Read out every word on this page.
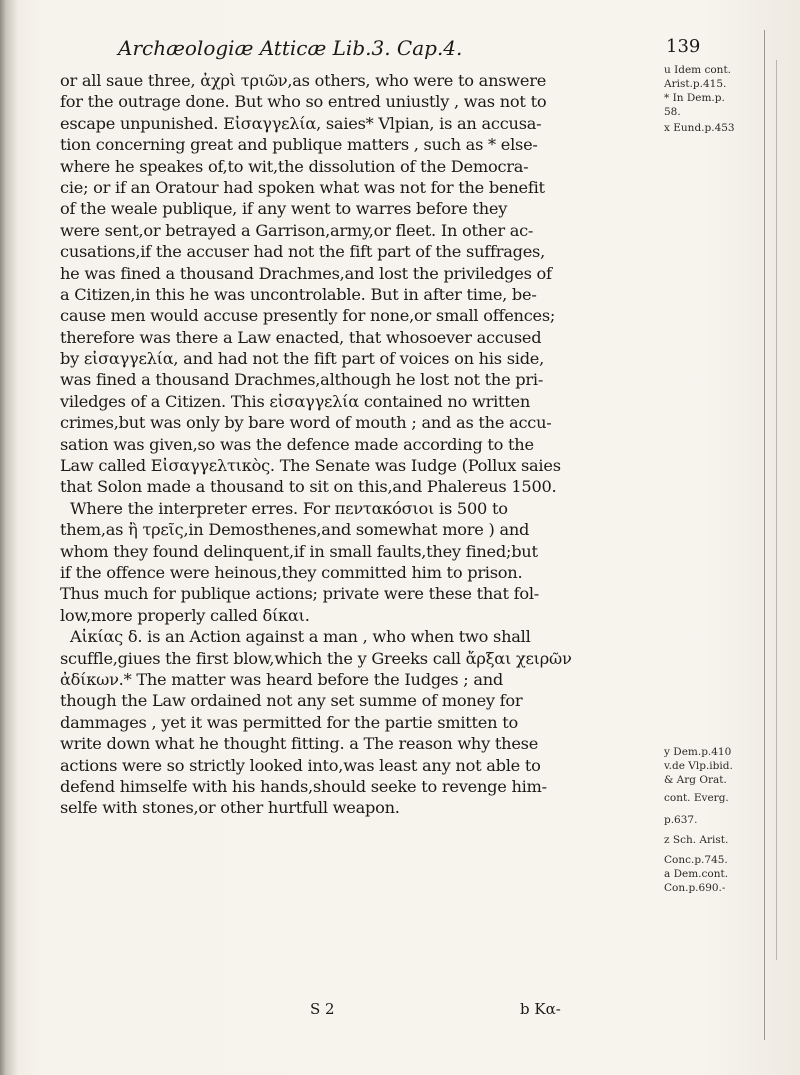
Archæologiæ Atticæ Lib.3. Cap.4.	139
or all saue three, ἀχρὶ τριῶν,as others, who were to answere
for the outrage done. But who so entred uniustly , was not to
escape unpunished. Εἰσαγγελία, saies* Vlpian, is an accusa-
tion concerning great and publique matters , such as * else-
where he speakes of,to wit,the dissolution of the Democra-
cie; or if an Oratour had spoken what was not for the benefit
of the weale publique, if any went to warres before they
were sent,or betrayed a Garrison,army,or fleet. In other ac-
cusations,if the accuser had not the fift part of the suffrages,
he was fined a thousand Drachmes,and lost the priviledges of
a Citizen,in this he was uncontrolable. But in after time, be-
cause men would accuse presently for none,or small offences;
therefore was there a Law enacted, that whosoever accused
by εἰσαγγελία, and had not the fift part of voices on his side,
was fined a thousand Drachmes,although he lost not the pri-
viledges of a Citizen. This εἰσαγγελία contained no written
crimes,but was only by bare word of mouth ; and as the accu-
sation was given,so was the defence made according to the
Law called Εἰσαγγελτικὸς. The Senate was Iudge (Pollux saies
that Solon made a thousand to sit on this,and Phalereus 1500.
Where the interpreter erres. For πεντακόσιοι is 500 to
them,as ἢ τρεῖς,in Demosthenes,and somewhat more ) and
whom they found delinquent,if in small faults,they fined;but
if the offence were heinous,they committed him to prison.
Thus much for publique actions; private were these that fol-
low,more properly called δίκαι.
Αἰκίας δ. is an Action against a man , who when two shall
scuffle,giues the first blow,which the y Greeks call ἄρξαι χειρῶν
ἀδίκων.* The matter was heard before the Iudges ; and
though the Law ordained not any set summe of money for
dammages , yet it was permitted for the partie smitten to
write down what he thought fitting. a The reason why these
actions were so strictly looked into,was least any not able to
defend himselfe with his hands,should seeke to revenge him-
selfe with stones,or other hurtfull weapon.
u Idem cont.
Arist.p.415.
* In Dem.p.
58.
x Eund.p.453
y Dem.p.410
v.de Vlp.ibid.
& Arg Orat.
cont. Everg.
p.637.
z Sch. Arist.
Conc.p.745.
a Dem.cont.
Con.p.690.-
S 2	b Κα-
